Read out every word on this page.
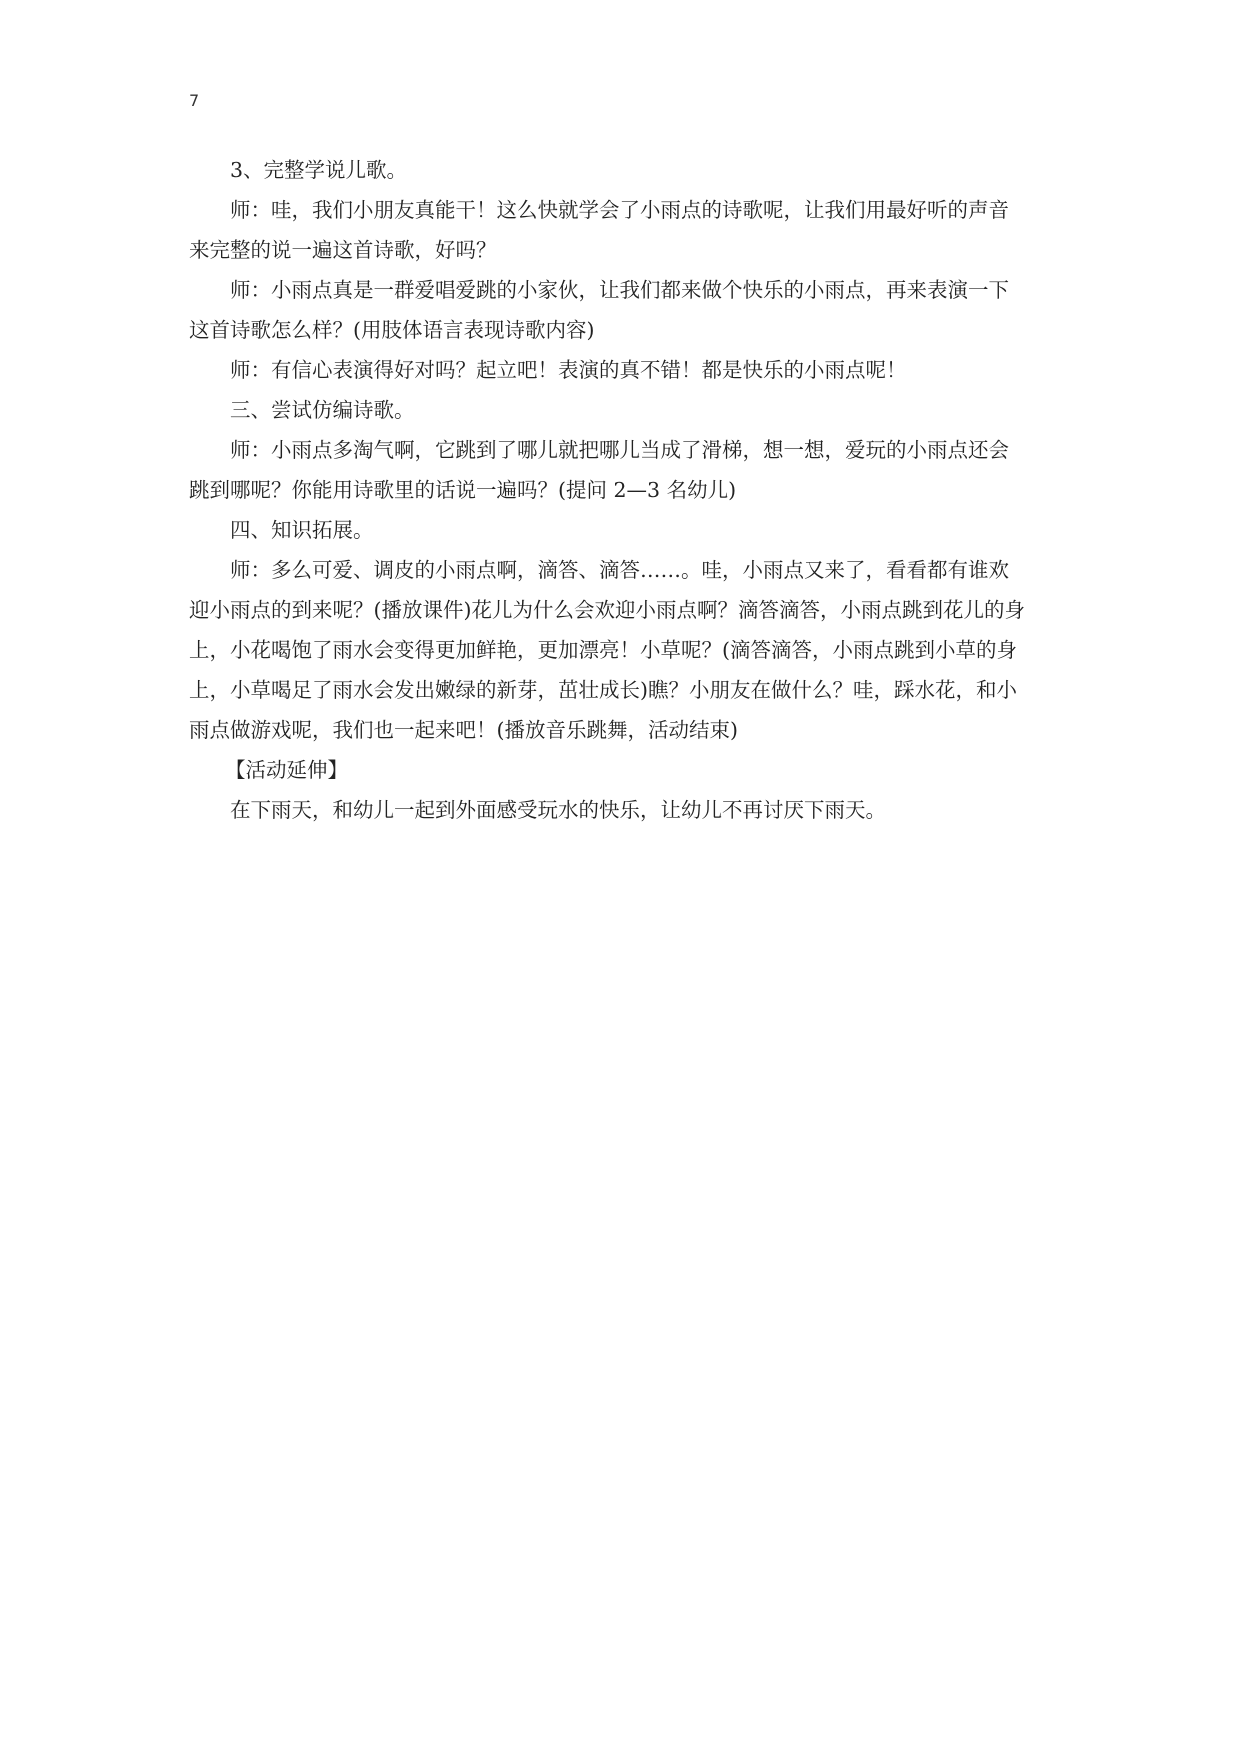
7

3、完整学说儿歌。

师：哇，我们小朋友真能干！这么快就学会了小雨点的诗歌呢，让我们用最好听的声音
来完整的说一遍这首诗歌，好吗？

师：小雨点真是一群爱唱爱跳的小家伙，让我们都来做个快乐的小雨点，再来表演一下
这首诗歌怎么样？(用肢体语言表现诗歌内容)

师：有信心表演得好对吗？起立吧！表演的真不错！都是快乐的小雨点呢！

三、尝试仿编诗歌。

师：小雨点多淘气啊，它跳到了哪儿就把哪儿当成了滑梯，想一想，爱玩的小雨点还会
跳到哪呢？你能用诗歌里的话说一遍吗？(提问 2—3 名幼儿)

四、知识拓展。

师：多么可爱、调皮的小雨点啊，滴答、滴答……。哇，小雨点又来了，看看都有谁欢
迎小雨点的到来呢？(播放课件)花儿为什么会欢迎小雨点啊？滴答滴答，小雨点跳到花儿的身
上，小花喝饱了雨水会变得更加鲜艳，更加漂亮！小草呢？(滴答滴答，小雨点跳到小草的身
上，小草喝足了雨水会发出嫩绿的新芽，茁壮成长)瞧？小朋友在做什么？哇，踩水花，和小
雨点做游戏呢，我们也一起来吧！(播放音乐跳舞，活动结束)

【活动延伸】

在下雨天，和幼儿一起到外面感受玩水的快乐，让幼儿不再讨厌下雨天。
